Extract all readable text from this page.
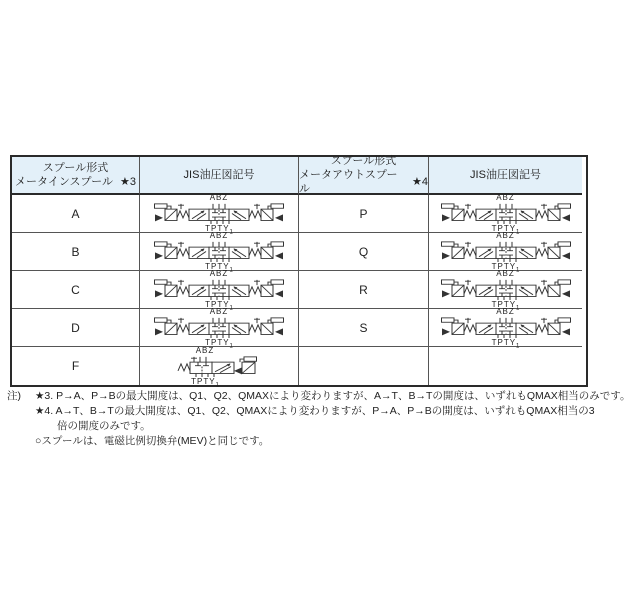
スプール形式
メータインスプール ★3
JIS油圧図記号
スプール形式
メータアウトスプール
★4
JIS油圧図記号
A
ABZ
$TPTY_1$
P
ABZ
$TPTY_1$
B
ABZ
$TPTY_1$
Q
ABZ
$TPTY_1$
C
ABZ
$TPTY_1$
R
ABZ
$TPTY_1$
D
ABZ
$TPTY_1$
S
ABZ
$TPTY_1$
F
ABZ
$TPTY_1$
注)	★3. P→A、P→Bの最大開度は、Q1、Q2、QMAXにより変わりますが、A→T、B→Tの開度は、いずれもQMAX相当のみです。
★4. A→T、B→Tの最大開度は、Q1、Q2、QMAXにより変わりますが、P→A、P→Bの開度は、いずれもQMAX相当の3
倍の開度のみです。
○スプールは、電磁比例切換弁(MEV)と同じです。
